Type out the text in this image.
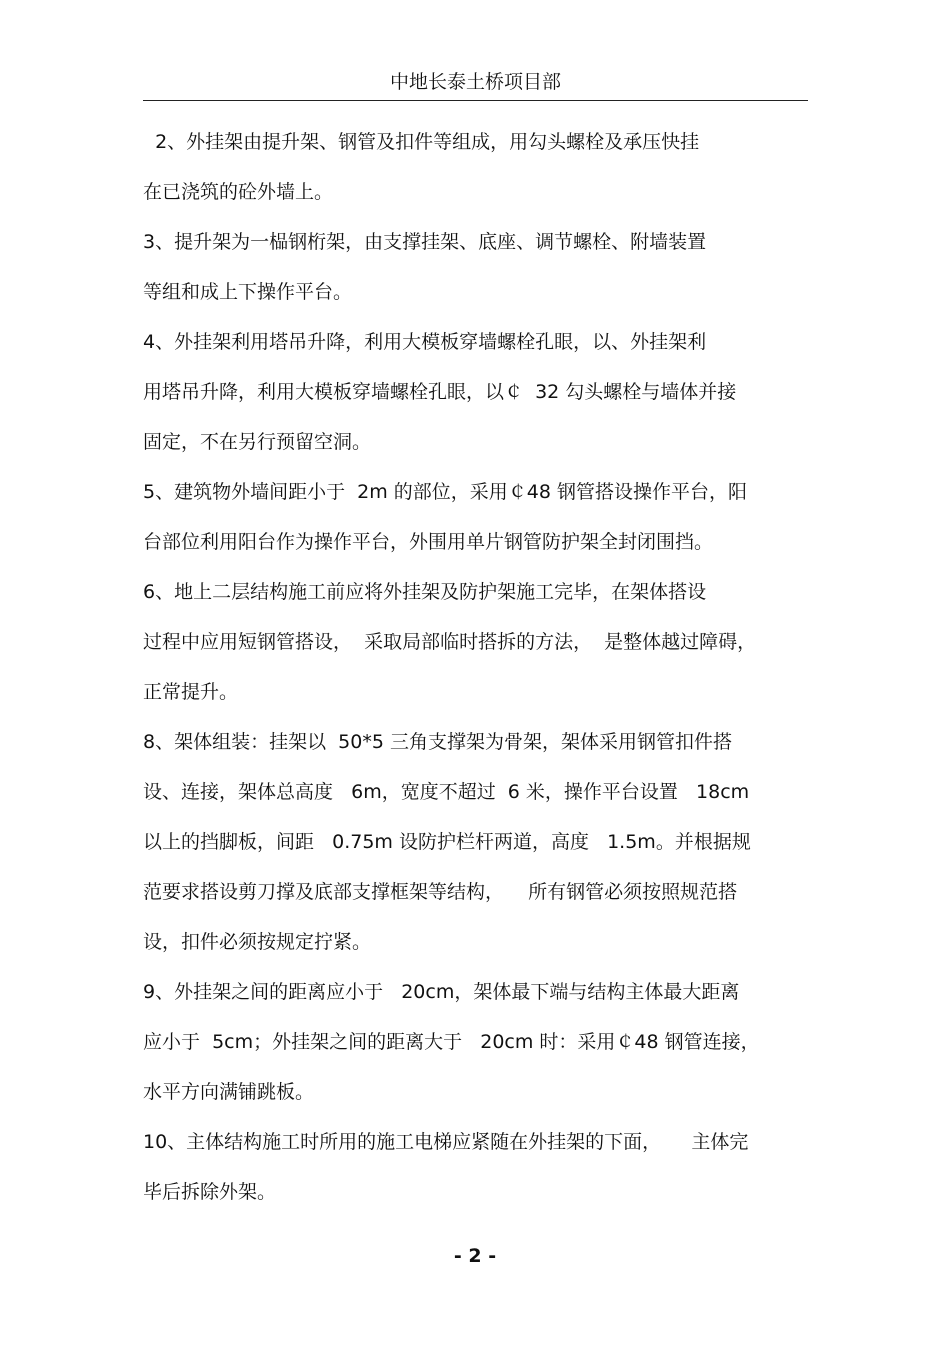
中地长泰土桥项目部
2、外挂架由提升架、钢管及扣件等组成，用勾头螺栓及承压快挂
在已浇筑的砼外墙上。
3、提升架为一榀钢桁架，由支撑挂架、底座、调节螺栓、附墙装置
等组和成上下操作平台。
4、外挂架利用塔吊升降，利用大模板穿墙螺栓孔眼，以、外挂架利
用塔吊升降，利用大模板穿墙螺栓孔眼，以￠  32 勾头螺栓与墙体并接
固定，不在另行预留空洞。
5、建筑物外墙间距小于  2m 的部位，采用￠48 钢管搭设操作平台，阳
台部位利用阳台作为操作平台，外围用单片钢管防护架全封闭围挡。
6、地上二层结构施工前应将外挂架及防护架施工完毕，在架体搭设
过程中应用短钢管搭设，  采取局部临时搭拆的方法，  是整体越过障碍，
正常提升。
8、架体组装：挂架以  50*5 三角支撑架为骨架，架体采用钢管扣件搭
设、连接，架体总高度   6m，宽度不超过  6 米，操作平台设置   18cm
以上的挡脚板，间距   0.75m 设防护栏杆两道，高度   1.5m。并根据规
范要求搭设剪刀撑及底部支撑框架等结构，    所有钢管必须按照规范搭
设，扣件必须按规定拧紧。
9、外挂架之间的距离应小于   20cm，架体最下端与结构主体最大距离
应小于  5cm；外挂架之间的距离大于   20cm 时：采用￠48 钢管连接，
水平方向满铺跳板。
10、主体结构施工时所用的施工电梯应紧随在外挂架的下面，     主体完
毕后拆除外架。
- 2 -
